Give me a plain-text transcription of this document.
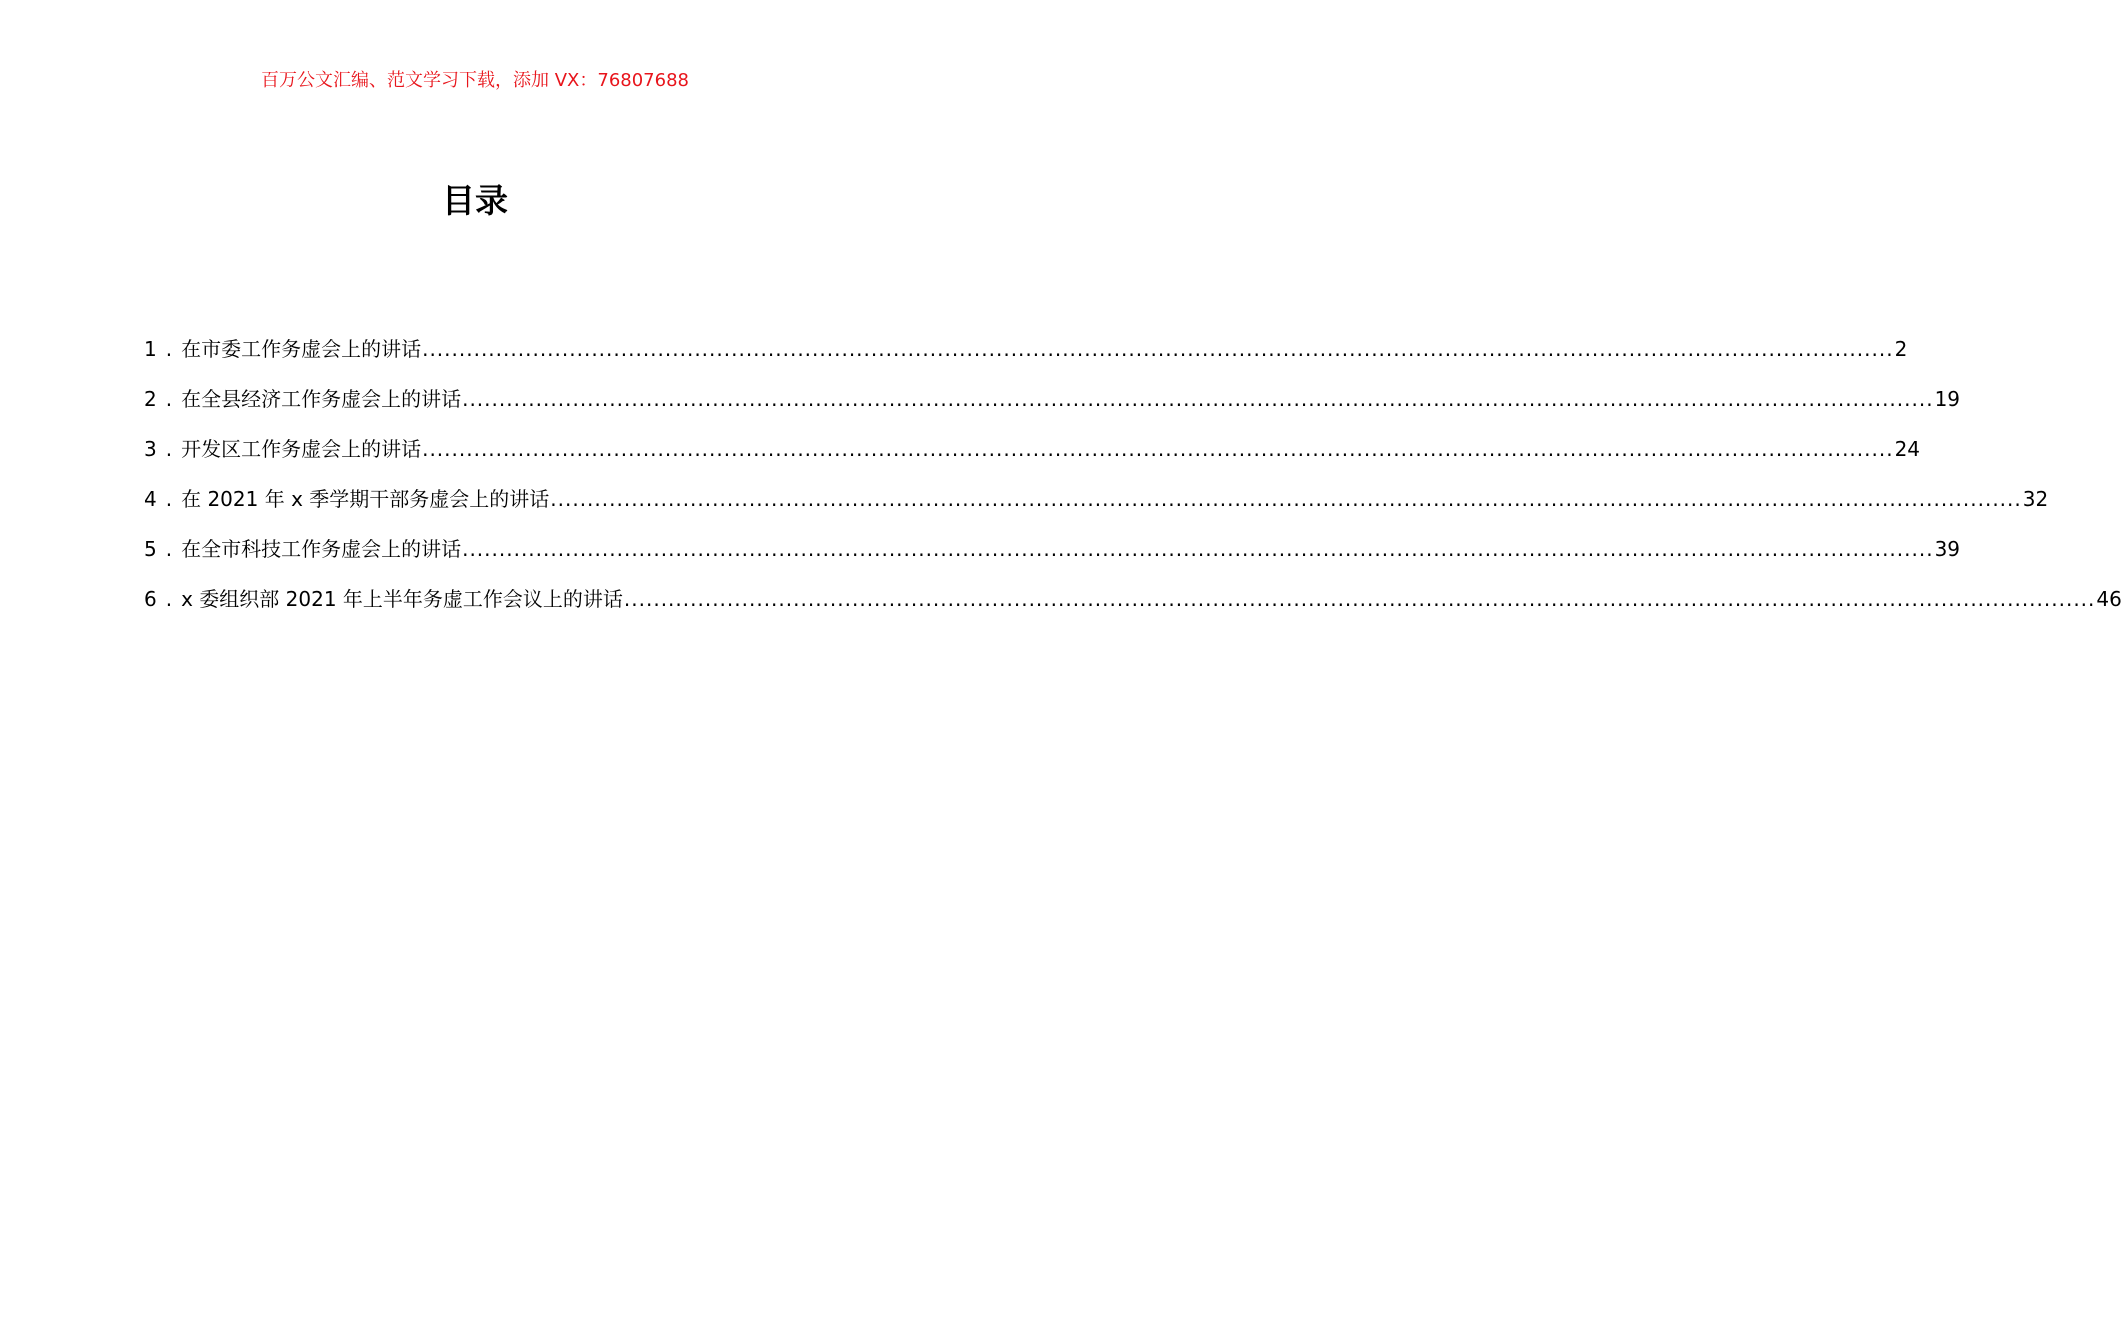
百万公文汇编、范文学习下载，添加 VX：76807688
目录
1 . 在市委工作务虚会上的讲话 ........................................................................................................................................................................................................ 2
2 . 在全县经济工作务虚会上的讲话 ........................................................................................................................................................................................................ 19
3 . 开发区工作务虚会上的讲话 ........................................................................................................................................................................................................ 24
4 . 在 2021 年 x 季学期干部务虚会上的讲话 ........................................................................................................................................................................................................ 32
5 . 在全市科技工作务虚会上的讲话 ........................................................................................................................................................................................................ 39
6 . x 委组织部 2021 年上半年务虚工作会议上的讲话 ........................................................................................................................................................................................................ 46
